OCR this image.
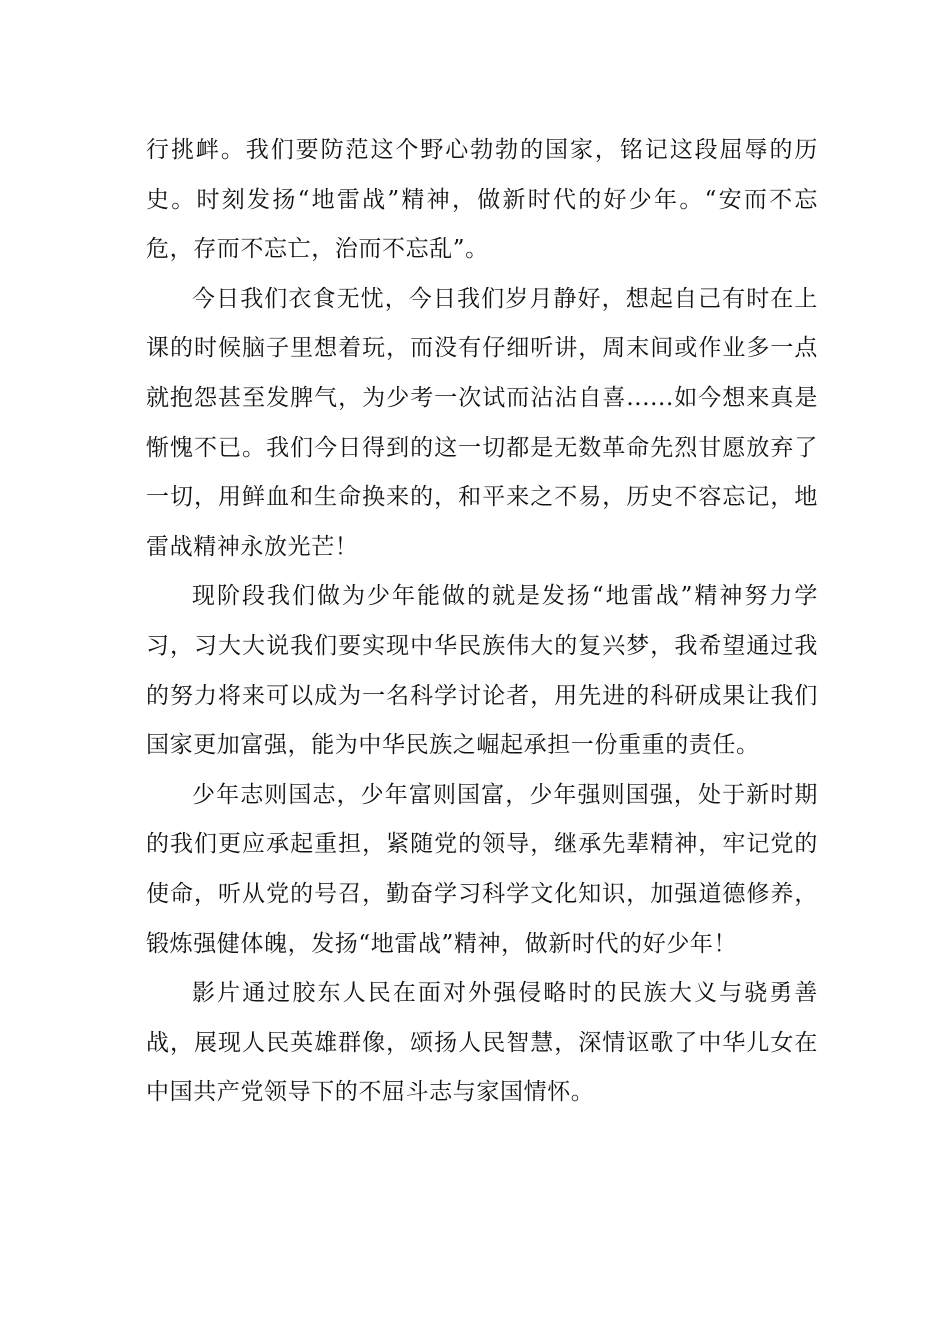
行挑衅。我们要防范这个野心勃勃的国家，铭记这段屈辱的历史。时刻发扬“地雷战”精神，做新时代的好少年。“安而不忘危，存而不忘亡，治而不忘乱”。

今日我们衣食无忧，今日我们岁月静好，想起自己有时在上课的时候脑子里想着玩，而没有仔细听讲，周末间或作业多一点就抱怨甚至发脾气，为少考一次试而沾沾自喜......如今想来真是惭愧不已。我们今日得到的这一切都是无数革命先烈甘愿放弃了一切，用鲜血和生命换来的，和平来之不易，历史不容忘记，地雷战精神永放光芒！

现阶段我们做为少年能做的就是发扬“地雷战”精神努力学习，习大大说我们要实现中华民族伟大的复兴梦，我希望通过我的努力将来可以成为一名科学讨论者，用先进的科研成果让我们国家更加富强，能为中华民族之崛起承担一份重重的责任。

少年志则国志，少年富则国富，少年强则国强，处于新时期的我们更应承起重担，紧随党的领导，继承先辈精神，牢记党的使命，听从党的号召，勤奋学习科学文化知识，加强道德修养，锻炼强健体魄，发扬“地雷战”精神，做新时代的好少年！

影片通过胶东人民在面对外强侵略时的民族大义与骁勇善战，展现人民英雄群像，颂扬人民智慧，深情讴歌了中华儿女在中国共产党领导下的不屈斗志与家国情怀。
